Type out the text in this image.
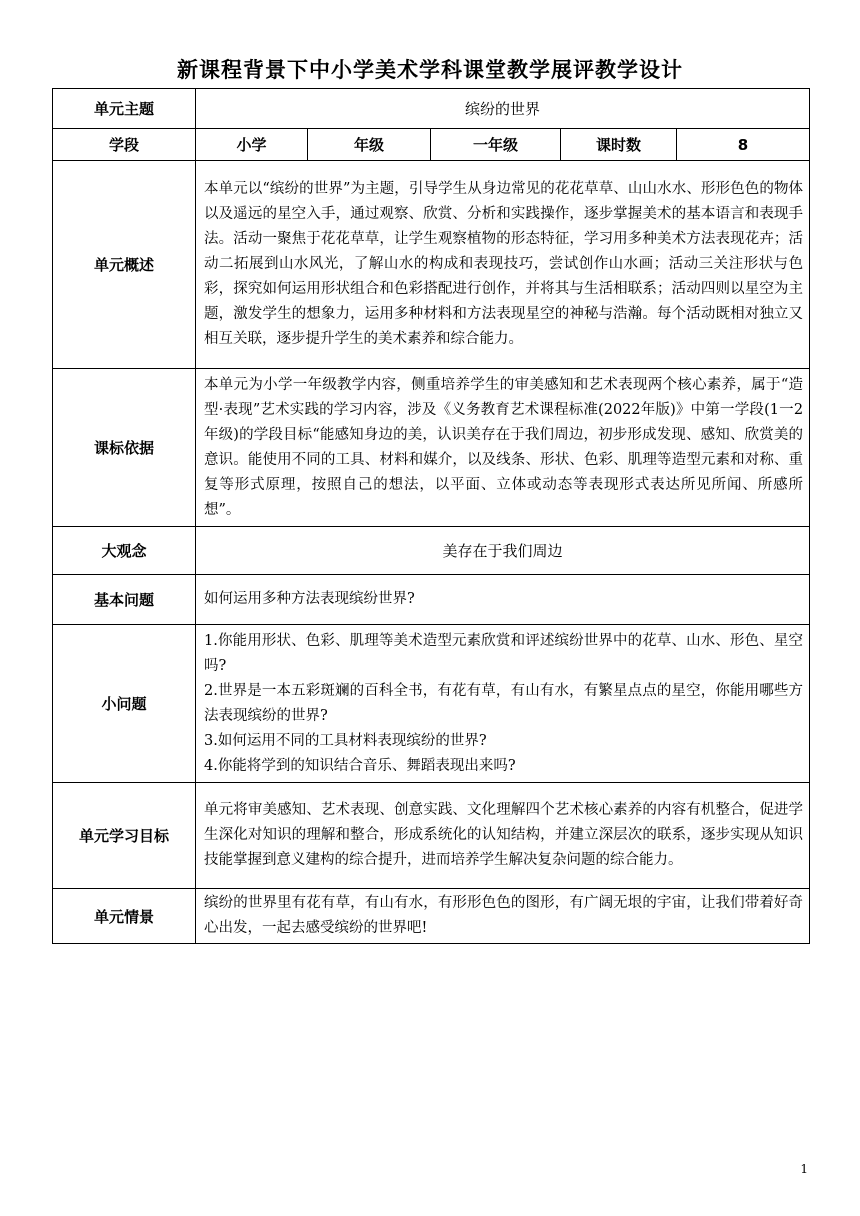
新课程背景下中小学美术学科课堂教学展评教学设计
单元主题	缤纷的世界				
学段	小学	年级	一年级	课时数	8
单元概述	本单元以“缤纷的世界”为主题，引导学生从身边常见的花花草草、山山水水、形形色色的物体以及遥远的星空入手，通过观察、欣赏、分析和实践操作，逐步掌握美术的基本语言和表现手法。活动一聚焦于花花草草，让学生观察植物的形态特征，学习用多种美术方法表现花卉；活动二拓展到山水风光，了解山水的构成和表现技巧，尝试创作山水画；活动三关注形状与色彩，探究如何运用形状组合和色彩搭配进行创作，并将其与生活相联系；活动四则以星空为主题，激发学生的想象力，运用多种材料和方法表现星空的神秘与浩瀚。每个活动既相对独立又相互关联，逐步提升学生的美术素养和综合能力。				
课标依据	本单元为小学一年级教学内容，侧重培养学生的审美感知和艺术表现两个核心素养，属于“造型·表现”艺术实践的学习内容，涉及《义务教育艺术课程标准(2022年版)》中第一学段(1一2年级)的学段目标“能感知身边的美，认识美存在于我们周边，初步形成发现、感知、欣赏美的意识。能使用不同的工具、材料和媒介，以及线条、形状、色彩、肌理等造型元素和对称、重复等形式原理，按照自己的想法，以平面、立体或动态等表现形式表达所见所闻、所感所想”。				
大观念	美存在于我们周边				
基本问题	如何运用多种方法表现缤纷世界?				
小问题	1.你能用形状、色彩、肌理等美术造型元素欣赏和评述缤纷世界中的花草、山水、形色、星空吗?
2.世界是一本五彩斑斓的百科全书，有花有草，有山有水，有繁星点点的星空，你能用哪些方法表现缤纷的世界?
3.如何运用不同的工具材料表现缤纷的世界?
4.你能将学到的知识结合音乐、舞蹈表现出来吗?				

单元学习目标	单元将审美感知、艺术表现、创意实践、文化理解四个艺术核心素养的内容有机整合，促进学生深化对知识的理解和整合，形成系统化的认知结构，并建立深层次的联系，逐步实现从知识技能掌握到意义建构的综合提升，进而培养学生解决复杂问题的综合能力。				
单元情景	缤纷的世界里有花有草，有山有水，有形形色色的图形，有广阔无垠的宇宙，让我们带着好奇心出发，一起去感受缤纷的世界吧!				
1
